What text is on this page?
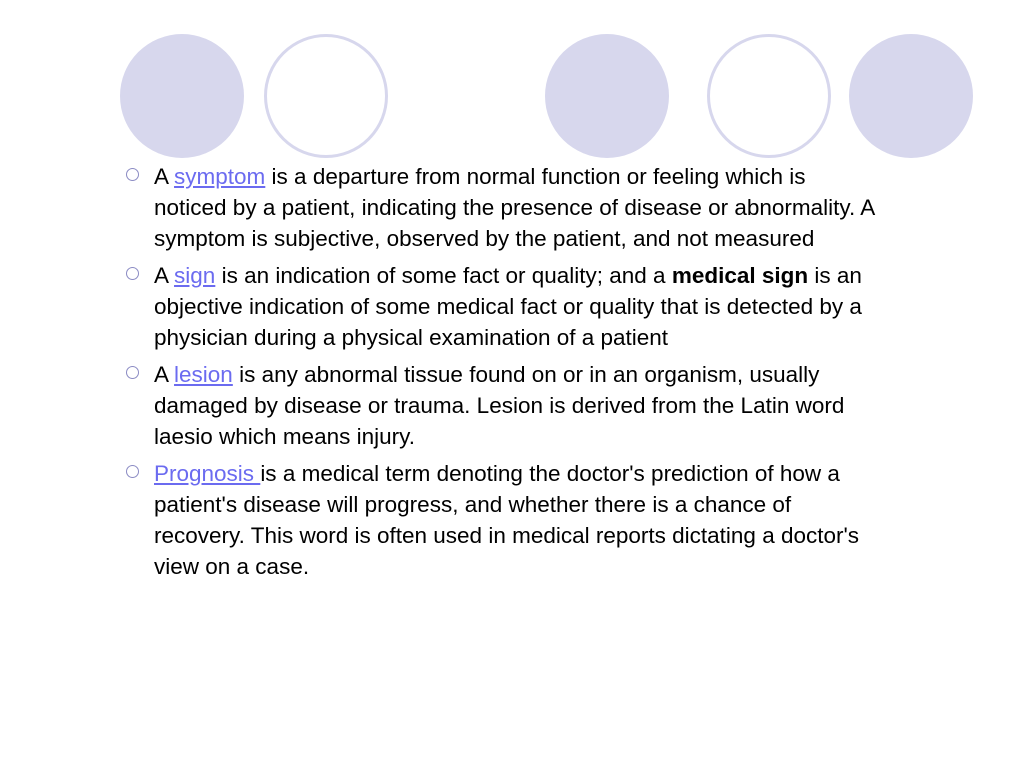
A symptom is a departure from normal function or feeling which is noticed by a patient, indicating the presence of disease or abnormality. A symptom is subjective, observed by the patient, and not measured
A sign is an indication of some fact or quality; and a medical sign is an objective indication of some medical fact or quality that is detected by a physician during a physical examination of a patient
A lesion is any abnormal tissue found on or in an organism, usually damaged by disease or trauma. Lesion is derived from the Latin word laesio which means injury.
Prognosis is a medical term denoting the doctor's prediction of how a patient's disease will progress, and whether there is a chance of recovery. This word is often used in medical reports dictating a doctor's view on a case.
